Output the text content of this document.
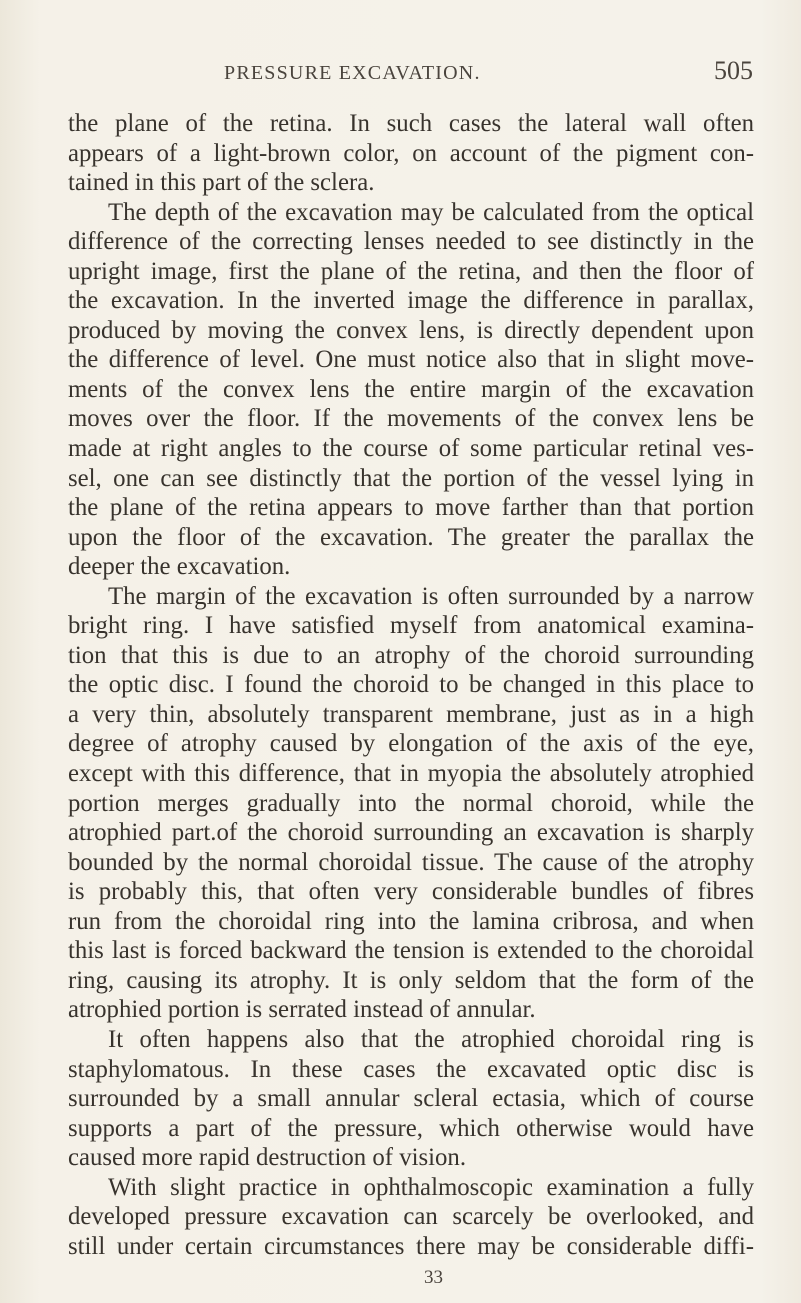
PRESSURE EXCAVATION.	505
the plane of the retina. In such cases the lateral wall often
appears of a light-brown color, on account of the pigment con-
tained in this part of the sclera.
The depth of the excavation may be calculated from the optical
difference of the correcting lenses needed to see distinctly in the
upright image, first the plane of the retina, and then the floor of
the excavation. In the inverted image the difference in parallax,
produced by moving the convex lens, is directly dependent upon
the difference of level. One must notice also that in slight move-
ments of the convex lens the entire margin of the excavation
moves over the floor. If the movements of the convex lens be
made at right angles to the course of some particular retinal ves-
sel, one can see distinctly that the portion of the vessel lying in
the plane of the retina appears to move farther than that portion
upon the floor of the excavation. The greater the parallax the
deeper the excavation.
The margin of the excavation is often surrounded by a narrow
bright ring. I have satisfied myself from anatomical examina-
tion that this is due to an atrophy of the choroid surrounding
the optic disc. I found the choroid to be changed in this place to
a very thin, absolutely transparent membrane, just as in a high
degree of atrophy caused by elongation of the axis of the eye,
except with this difference, that in myopia the absolutely atrophied
portion merges gradually into the normal choroid, while the
atrophied part.of the choroid surrounding an excavation is sharply
bounded by the normal choroidal tissue. The cause of the atrophy
is probably this, that often very considerable bundles of fibres
run from the choroidal ring into the lamina cribrosa, and when
this last is forced backward the tension is extended to the choroidal
ring, causing its atrophy. It is only seldom that the form of the
atrophied portion is serrated instead of annular.
It often happens also that the atrophied choroidal ring is
staphylomatous. In these cases the excavated optic disc is
surrounded by a small annular scleral ectasia, which of course
supports a part of the pressure, which otherwise would have
caused more rapid destruction of vision.
With slight practice in ophthalmoscopic examination a fully
developed pressure excavation can scarcely be overlooked, and
still under certain circumstances there may be considerable diffi-
33
